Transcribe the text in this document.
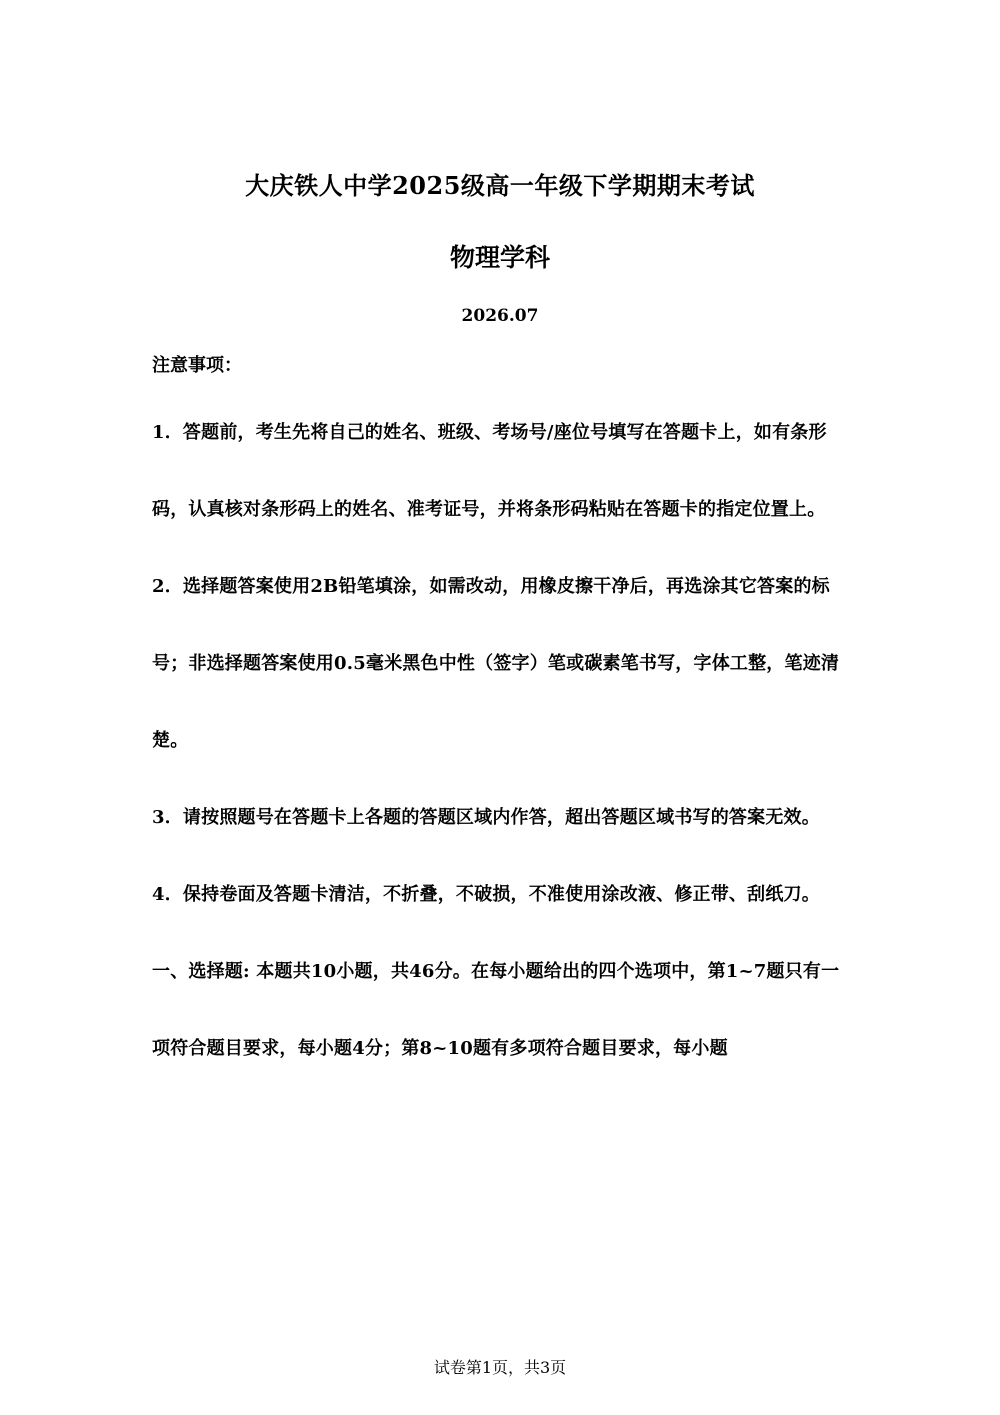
大庆铁人中学2025级高一年级下学期期末考试
物理学科
2026.07

注意事项：

1．答题前，考生先将自己的姓名、班级、考场号/座位号填写在答题卡上，如有条形码，认真核对条形码上的姓名、准考证号，并将条形码粘贴在答题卡的指定位置上。

2．选择题答案使用2B铅笔填涂，如需改动，用橡皮擦干净后，再选涂其它答案的标号；非选择题答案使用0.5毫米黑色中性（签字）笔或碳素笔书写，字体工整，笔迹清楚。

3．请按照题号在答题卡上各题的答题区域内作答，超出答题区域书写的答案无效。

4．保持卷面及答题卡清洁，不折叠，不破损，不准使用涂改液、修正带、刮纸刀。

一、选择题: 本题共10小题，共46分。在每小题给出的四个选项中，第1~7题只有一项符合题目要求，每小题4分；第8~10题有多项符合题目要求，每小题

试卷第1页，共3页
